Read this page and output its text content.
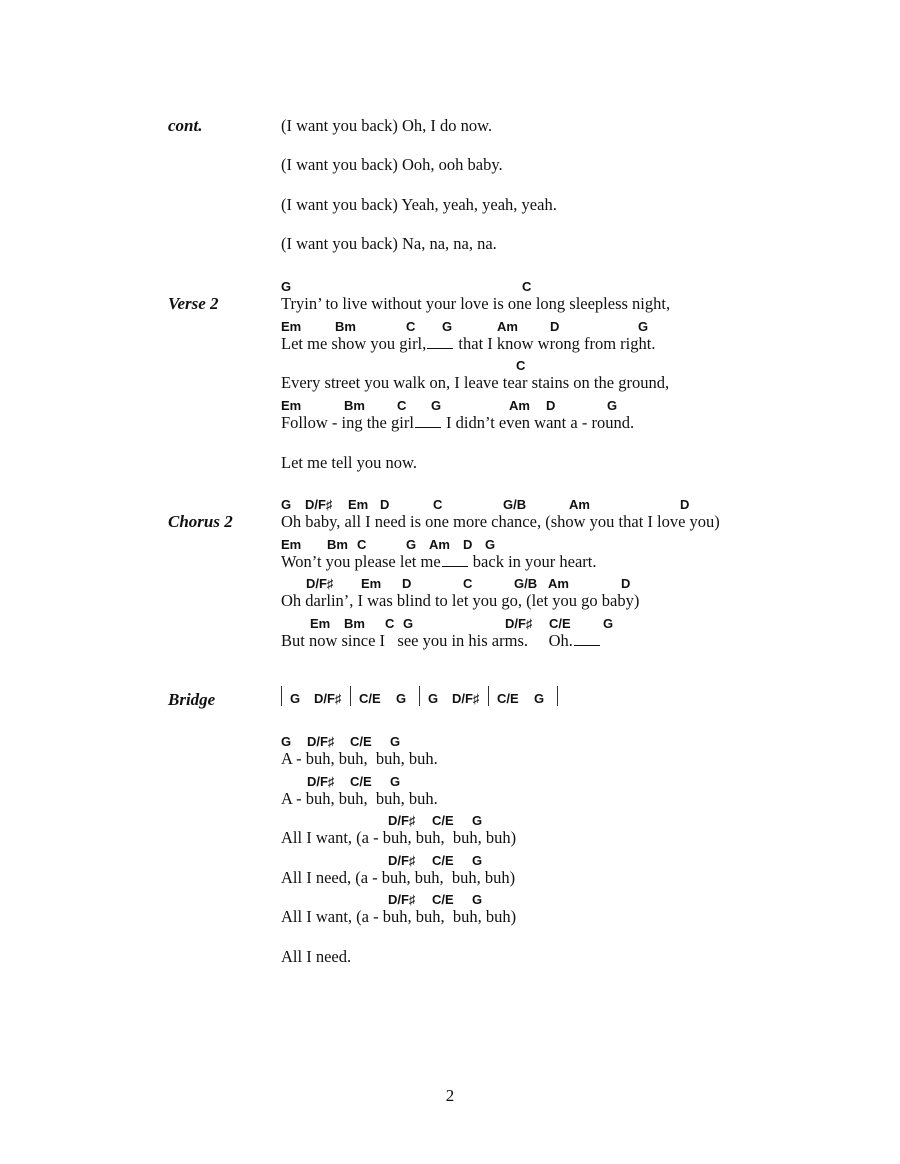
cont.	(I want you back) Oh, I do now.
(I want you back) Ooh, ooh baby.
(I want you back) Yeah, yeah, yeah, yeah.
(I want you back) Na, na, na, na.
Verse 2
G	C
Tryin’ to live without your love is one long sleepless night,
Em	Bm	C G	Am D	G
Let me show you girl, that I know wrong from right.
C
Every street you walk on, I leave tear stains on the ground,
Em	Bm C G	Am D	G
Follow - ing the girl I didn’t even want a - round.
Let me tell you now.
Chorus 2
G D/F♯ Em D	C	G/B	Am	D
Oh baby, all I need is one more chance, (show you that I love you)
Em Bm C	G Am D G
Won’t you please let me back in your heart.
D/F♯ Em D	C	G/B Am	D
Oh darlin’, I was blind to let you go, (let you go baby)
Em Bm C G	D/F♯ C/E G
But now since I   see you in his arms.     Oh.
Bridge	G D/F♯ C/E G G D/F♯ C/E G
G D/F♯ C/E G
A - buh, buh,  buh, buh.
D/F♯ C/E G
A - buh, buh,  buh, buh.
D/F♯ C/E G
All I want, (a - buh, buh,  buh, buh)
D/F♯ C/E G
All I need, (a - buh, buh,  buh, buh)
D/F♯ C/E G
All I want, (a - buh, buh,  buh, buh)
All I need.
2
